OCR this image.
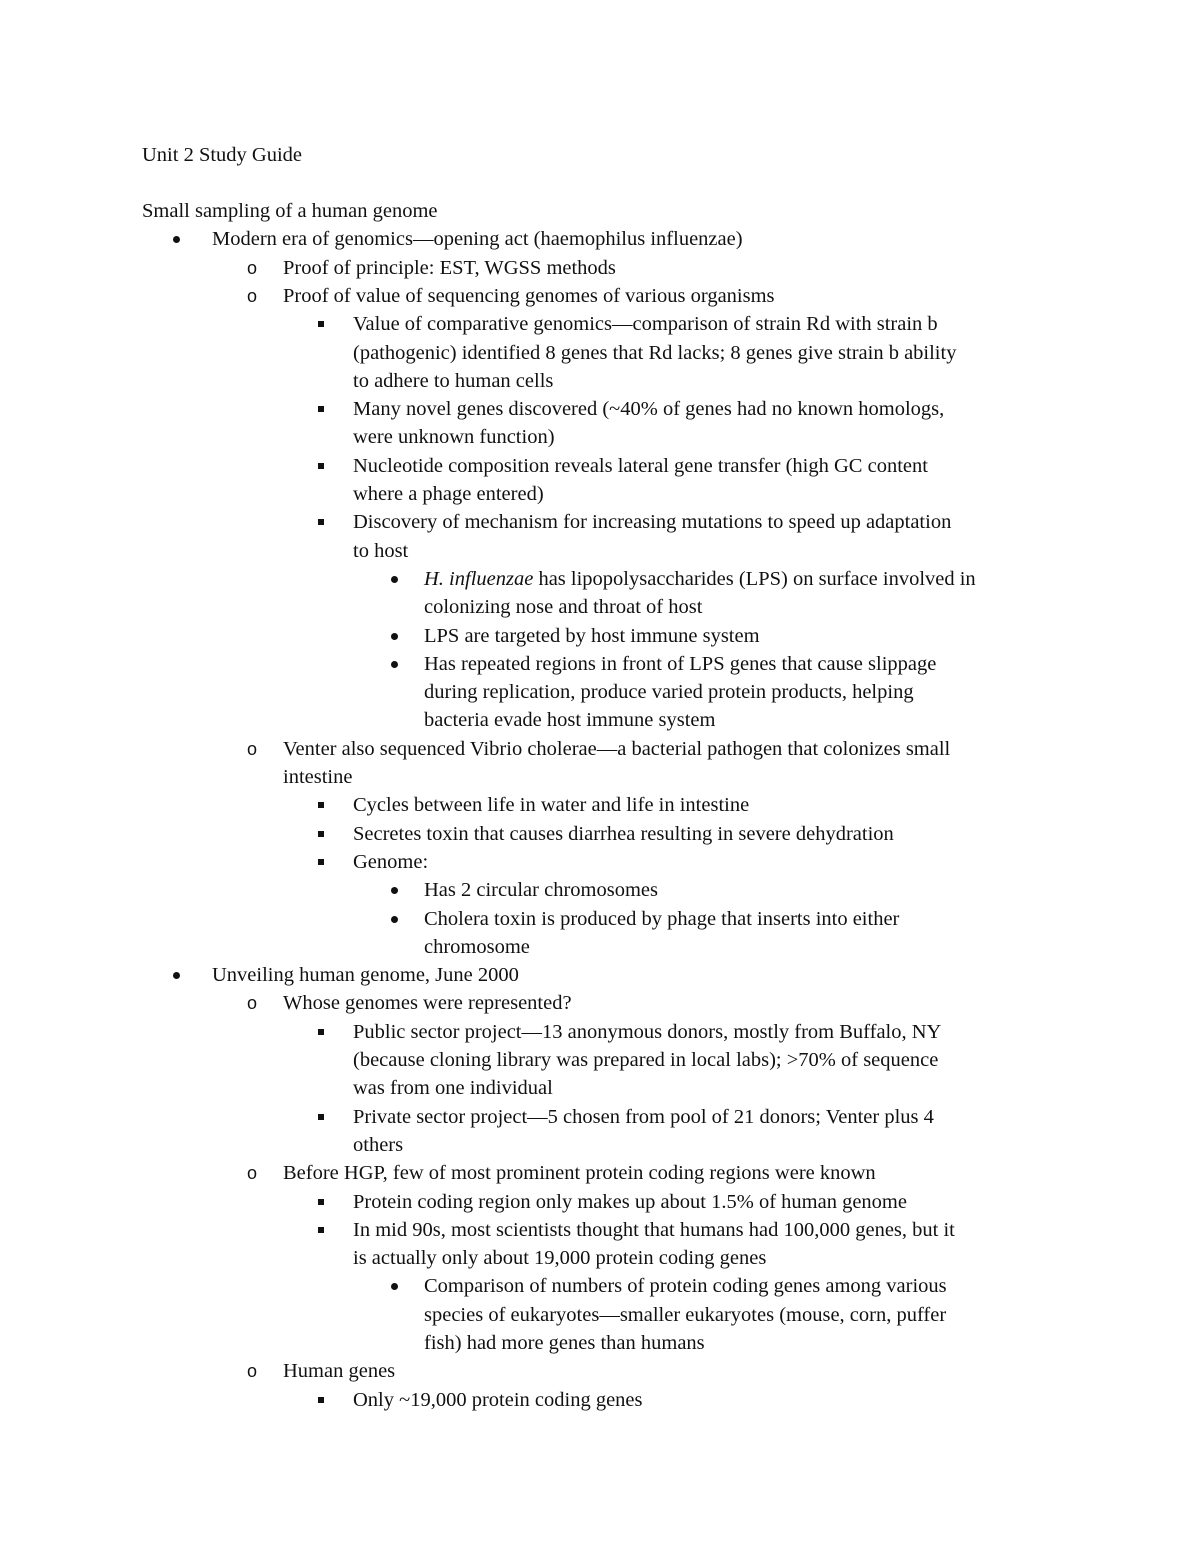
Unit 2 Study Guide
Small sampling of a human genome
Modern era of genomics—opening act (haemophilus influenzae)
o Proof of principle: EST, WGSS methods
o Proof of value of sequencing genomes of various organisms
Value of comparative genomics—comparison of strain Rd with strain b
(pathogenic) identified 8 genes that Rd lacks; 8 genes give strain b ability
to adhere to human cells
Many novel genes discovered (~40% of genes had no known homologs,
were unknown function)
Nucleotide composition reveals lateral gene transfer (high GC content
where a phage entered)
Discovery of mechanism for increasing mutations to speed up adaptation
to host
H. influenzae has lipopolysaccharides (LPS) on surface involved in
colonizing nose and throat of host
LPS are targeted by host immune system
Has repeated regions in front of LPS genes that cause slippage
during replication, produce varied protein products, helping
bacteria evade host immune system
o Venter also sequenced Vibrio cholerae—a bacterial pathogen that colonizes small
intestine
Cycles between life in water and life in intestine
Secretes toxin that causes diarrhea resulting in severe dehydration
Genome:
Has 2 circular chromosomes
Cholera toxin is produced by phage that inserts into either
chromosome
Unveiling human genome, June 2000
o Whose genomes were represented?
Public sector project—13 anonymous donors, mostly from Buffalo, NY
(because cloning library was prepared in local labs); >70% of sequence
was from one individual
Private sector project—5 chosen from pool of 21 donors; Venter plus 4
others
o Before HGP, few of most prominent protein coding regions were known
Protein coding region only makes up about 1.5% of human genome
In mid 90s, most scientists thought that humans had 100,000 genes, but it
is actually only about 19,000 protein coding genes
Comparison of numbers of protein coding genes among various
species of eukaryotes—smaller eukaryotes (mouse, corn, puffer
fish) had more genes than humans
o Human genes
Only ~19,000 protein coding genes
